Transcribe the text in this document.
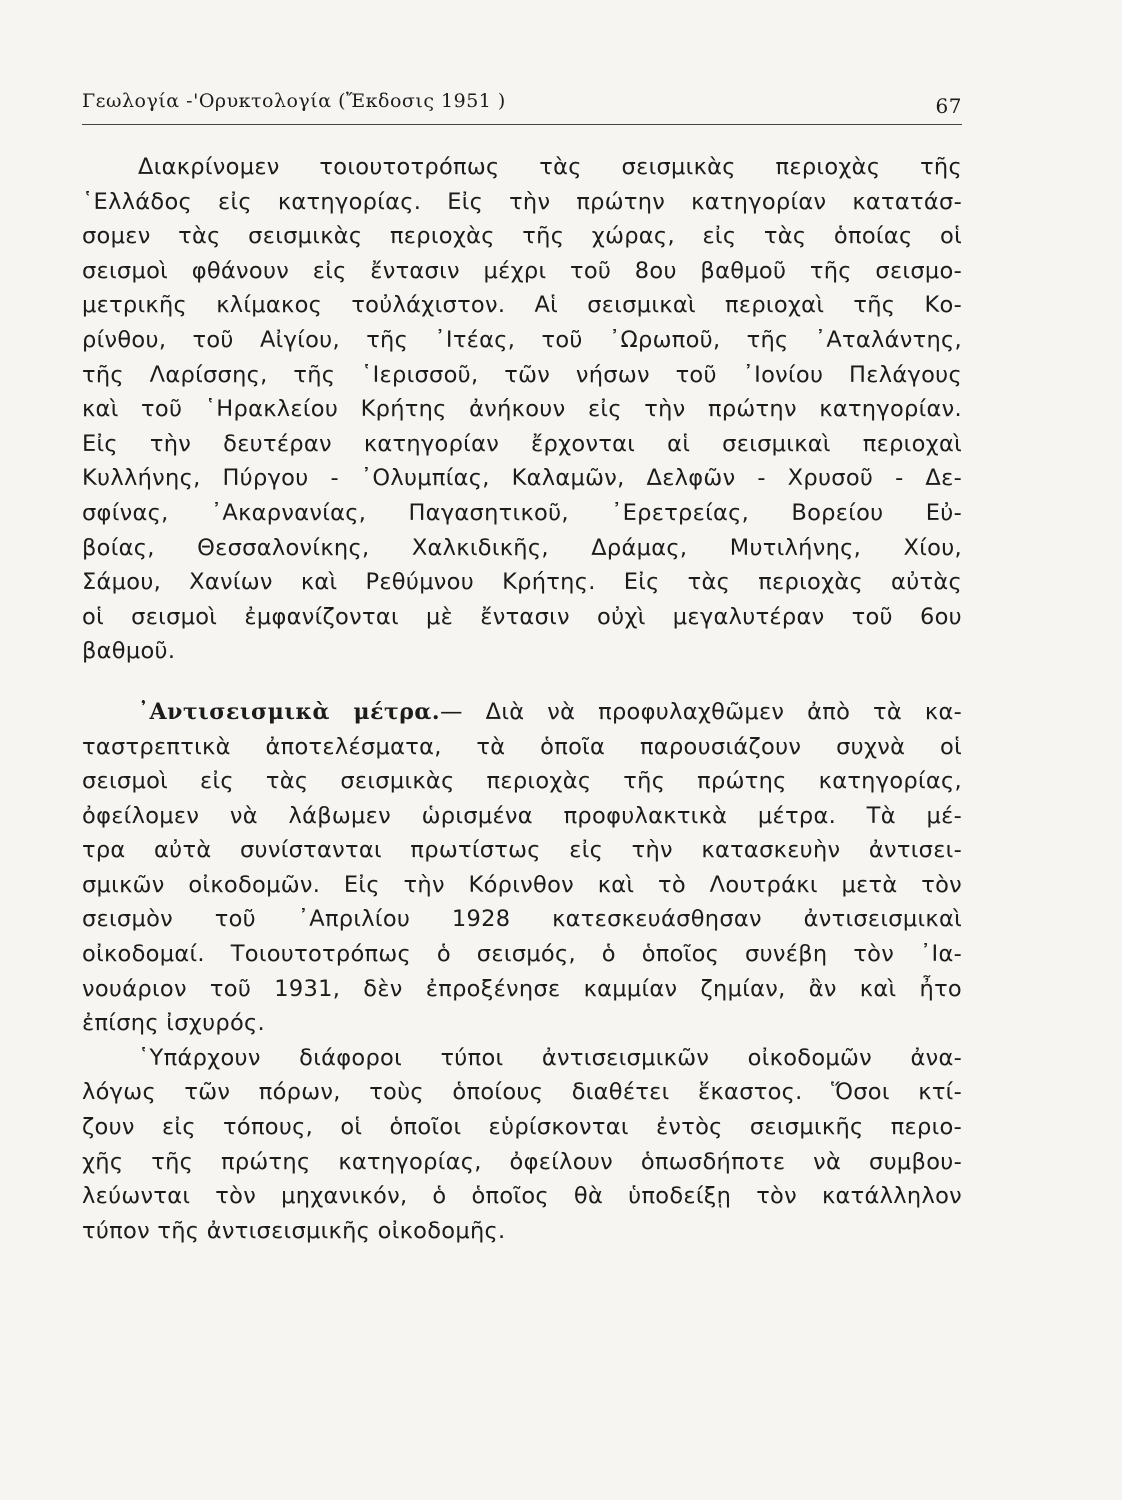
Γεωλογία -'Ορυκτολογία (Ἔκδοσις 1951 )	67
Διακρίνομεν τοιουτοτρόπως τὰς σεισμικὰς περιοχὰς τῆς
῾Ελλάδος εἰς κατηγορίας. Εἰς τὴν πρώτην κατηγορίαν κατατάσ-
σομεν τὰς σεισμικὰς περιοχὰς τῆς χώρας, εἰς τὰς ὁποίας οἱ
σεισμοὶ φθάνουν εἰς ἔντασιν μέχρι τοῦ 8ου βαθμοῦ τῆς σεισμο-
μετρικῆς κλίμακος τοὐλάχιστον. Αἱ σεισμικαὶ περιοχαὶ τῆς Κο-
ρίνθου, τοῦ Αἰγίου, τῆς ᾿Ιτέας, τοῦ ᾿Ωρωποῦ, τῆς ᾿Αταλάντης,
τῆς Λαρίσσης, τῆς ῾Ιερισσοῦ, τῶν νήσων τοῦ ᾿Ιονίου Πελάγους
καὶ τοῦ ῾Ηρακλείου Κρήτης ἀνήκουν εἰς τὴν πρώτην κατηγορίαν.
Εἰς τὴν δευτέραν κατηγορίαν ἔρχονται αἱ σεισμικαὶ περιοχαὶ
Κυλλήνης, Πύργου - ᾿Ολυμπίας, Καλαμῶν, Δελφῶν - Χρυσοῦ - Δε-
σφίνας, ᾿Ακαρνανίας, Παγασητικοῦ, ᾿Ερετρείας, Βορείου Εὐ-
βοίας, Θεσσαλονίκης, Χαλκιδικῆς, Δράμας, Μυτιλήνης, Χίου,
Σάμου, Χανίων καὶ Ρεθύμνου Κρήτης. Εἰς τὰς περιοχὰς αὐτὰς
οἱ σεισμοὶ ἐμφανίζονται μὲ ἔντασιν οὐχὶ μεγαλυτέραν τοῦ 6ου
βαθμοῦ.
᾿Αντισεισμικὰ μέτρα.— Διὰ νὰ προφυλαχθῶμεν ἀπὸ τὰ κα-
ταστρεπτικὰ ἀποτελέσματα, τὰ ὁποῖα παρουσιάζουν συχνὰ οἱ
σεισμοὶ εἰς τὰς σεισμικὰς περιοχὰς τῆς πρώτης κατηγορίας,
ὀφείλομεν νὰ λάβωμεν ὡρισμένα προφυλακτικὰ μέτρα. Τὰ μέ-
τρα αὐτὰ συνίστανται πρωτίστως εἰς τὴν κατασκευὴν ἀντισει-
σμικῶν οἰκοδομῶν. Εἰς τὴν Κόρινθον καὶ τὸ Λουτράκι μετὰ τὸν
σεισμὸν τοῦ ᾿Απριλίου 1928 κατεσκευάσθησαν ἀντισεισμικαὶ
οἰκοδομαί. Τοιουτοτρόπως ὁ σεισμός, ὁ ὁποῖος συνέβη τὸν ᾿Ια-
νουάριον τοῦ 1931, δὲν ἐπροξένησε καμμίαν ζημίαν, ἂν καὶ ἦτο
ἐπίσης ἰσχυρός.
῾Υπάρχουν διάφοροι τύποι ἀντισεισμικῶν οἰκοδομῶν ἀνα-
λόγως τῶν πόρων, τοὺς ὁποίους διαθέτει ἕκαστος. Ὅσοι κτί-
ζουν εἰς τόπους, οἱ ὁποῖοι εὑρίσκονται ἐντὸς σεισμικῆς περιο-
χῆς τῆς πρώτης κατηγορίας, ὀφείλουν ὁπωσδήποτε νὰ συμβου-
λεύωνται τὸν μηχανικόν, ὁ ὁποῖος θὰ ὑποδείξῃ τὸν κατάλληλον
τύπον τῆς ἀντισεισμικῆς οἰκοδομῆς.
